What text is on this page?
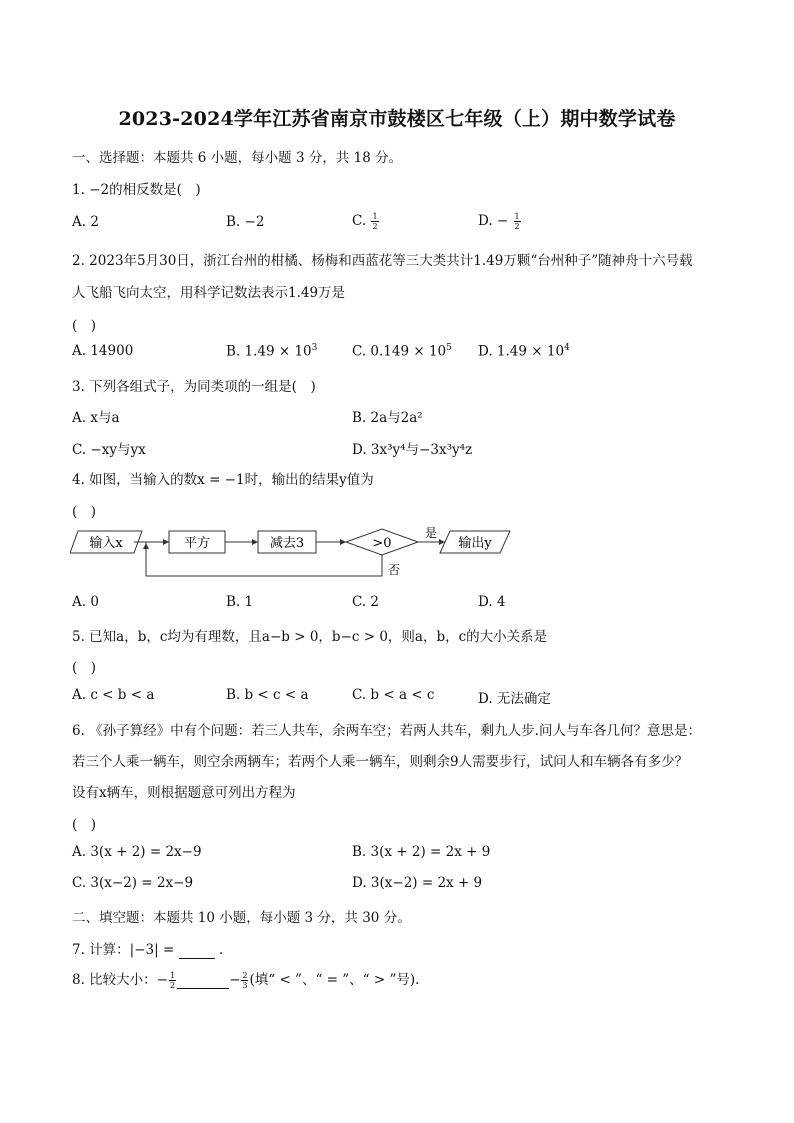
2023-2024学年江苏省南京市鼓楼区七年级（上）期中数学试卷
一、选择题：本题共 6 小题，每小题 3 分，共 18 分。
1. −2的相反数是(　)
A. 2	B. −2	C. $\frac{1}{2}$	D. − $\frac{1}{2}$
2. 2023年5月30日，浙江台州的柑橘、杨梅和西蓝花等三大类共计1.49万颗“台州种子”随神舟十六号载
人飞船飞向太空，用科学记数法表示1.49万是
(　)
A. 14900	B. $1.49 \times 10^3$	C. $0.149 \times 10^5$ D. $1.49 \times 10^4$
3. 下列各组式子，为同类项的一组是(　)
A. x与a	B. 2a与2a²
C. −xy与yx	D. 3x³y⁴与−3x³y⁴z
4. 如图，当输入的数x = −1时，输出的结果y值为
(　)
输入x	平方	减去3	>0
是
否
输出y
A. 0	B. 1	C. 2	D. 4
5. 已知a，b，c均为有理数，且a−b > 0，b−c > 0，则a，b，c的大小关系是
(　)
A. c < b < a	B. b < c < a	C. b < a < c	D. 无法确定
6. 《孙子算经》中有个问题：若三人共车，余两车空；若两人共车，剩九人步.问人与车各几何？意思是：
若三个人乘一辆车，则空余两辆车；若两个人乘一辆车，则剩余9人需要步行，试问人和车辆各有多少？
设有x辆车，则根据题意可列出方程为
(　)
A. 3(x + 2) = 2x−9	B. 3(x + 2) = 2x + 9
C. 3(x−2) = 2x−9	D. 3(x−2) = 2x + 9
二、填空题：本题共 10 小题，每小题 3 分，共 30 分。
7. 计算：|−3| =	.
8. 比较大小：− $\frac{1}{2}$	− $\frac{2}{3}$ (填“ < ”、“ = ”、“ > ”号).
